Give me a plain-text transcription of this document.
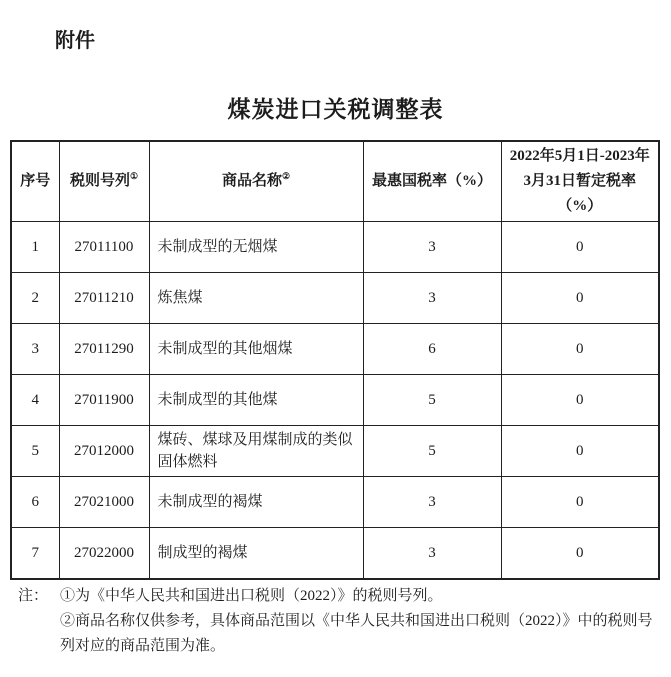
附件
煤炭进口关税调整表
序号	税则号列①	商品名称②	最惠国税率（%）	2022年5月1日-2023年3月31日暂定税率（%）
1	27011100	未制成型的无烟煤	3	0
2	27011210	炼焦煤	3	0
3	27011290	未制成型的其他烟煤	6	0
4	27011900	未制成型的其他煤	5	0
5	27012000	煤砖、煤球及用煤制成的类似固体燃料	5	0
6	27021000	未制成型的褐煤	3	0
7	27022000	制成型的褐煤	3	0
注： ①为《中华人民共和国进出口税则（2022）》的税则号列。

②商品名称仅供参考，具体商品范围以《中华人民共和国进出口税则（2022）》中的税则号列对应的商品范围为准。
